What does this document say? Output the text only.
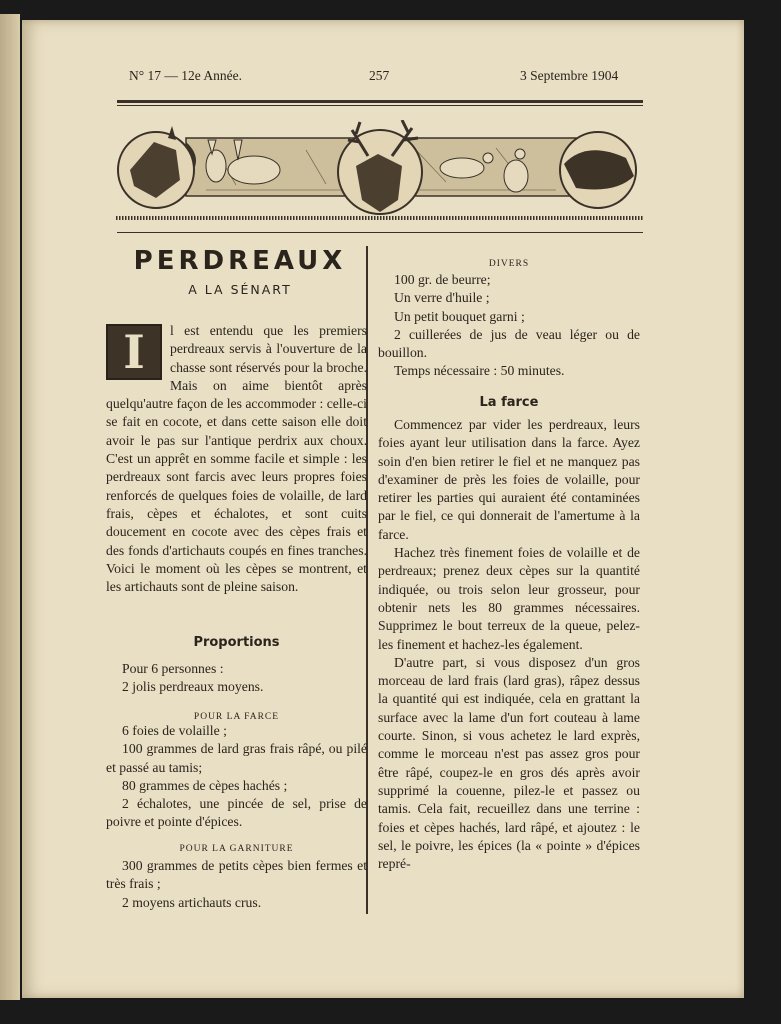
N° 17 — 12e Année.	257	3 Septembre 1904
PERDREAUX
A LA SÉNART

I	l est entendu que les premiers perdreaux servis à l'ouverture de la chasse sont réservés pour la broche. Mais on aime bientôt après quelqu'autre façon de les accommoder : celle-ci se fait en cocote, et dans cette saison elle doit avoir le pas sur l'antique perdrix aux choux. C'est un apprêt en somme facile et simple : les perdreaux sont farcis avec leurs propres foies renforcés de quelques foies de volaille, de lard frais, cèpes et échalotes, et sont cuits doucement en cocote avec des cèpes frais et des fonds d'artichauts coupés en fines tranches. Voici le moment où les cèpes se montrent, et les artichauts sont de pleine saison.

Proportions

Pour 6 personnes :

2 jolis perdreaux moyens.

POUR LA FARCE

6 foies de volaille ;

100 grammes de lard gras frais râpé, ou pilé et passé au tamis;

80 grammes de cèpes hachés ;

2 échalotes, une pincée de sel, prise de poivre et pointe d'épices.

POUR LA GARNITURE

300 grammes de petits cèpes bien fermes et très frais ;

2 moyens artichauts crus.

DIVERS

100 gr. de beurre;

Un verre d'huile ;

Un petit bouquet garni ;

2 cuillerées de jus de veau léger ou de bouillon.

Temps nécessaire : 50 minutes.

La farce

Commencez par vider les perdreaux, leurs foies ayant leur utilisation dans la farce. Ayez soin d'en bien retirer le fiel et ne manquez pas d'examiner de près les foies de volaille, pour retirer les parties qui auraient été contaminées par le fiel, ce qui donnerait de l'amertume à la farce.

Hachez très finement foies de volaille et de perdreaux; prenez deux cèpes sur la quantité indiquée, ou trois selon leur grosseur, pour obtenir nets les 80 grammes nécessaires. Supprimez le bout terreux de la queue, pelez-les finement et hachez-les également.

D'autre part, si vous disposez d'un gros morceau de lard frais (lard gras), râpez dessus la quantité qui est indiquée, cela en grattant la surface avec la lame d'un fort couteau à lame courte. Sinon, si vous achetez le lard exprès, comme le morceau n'est pas assez gros pour être râpé, coupez-le en gros dés après avoir supprimé la couenne, pilez-le et passez ou tamis. Cela fait, recueillez dans une terrine : foies et cèpes hachés, lard râpé, et ajoutez : le sel, le poivre, les épices (la « pointe » d'épices repré-
